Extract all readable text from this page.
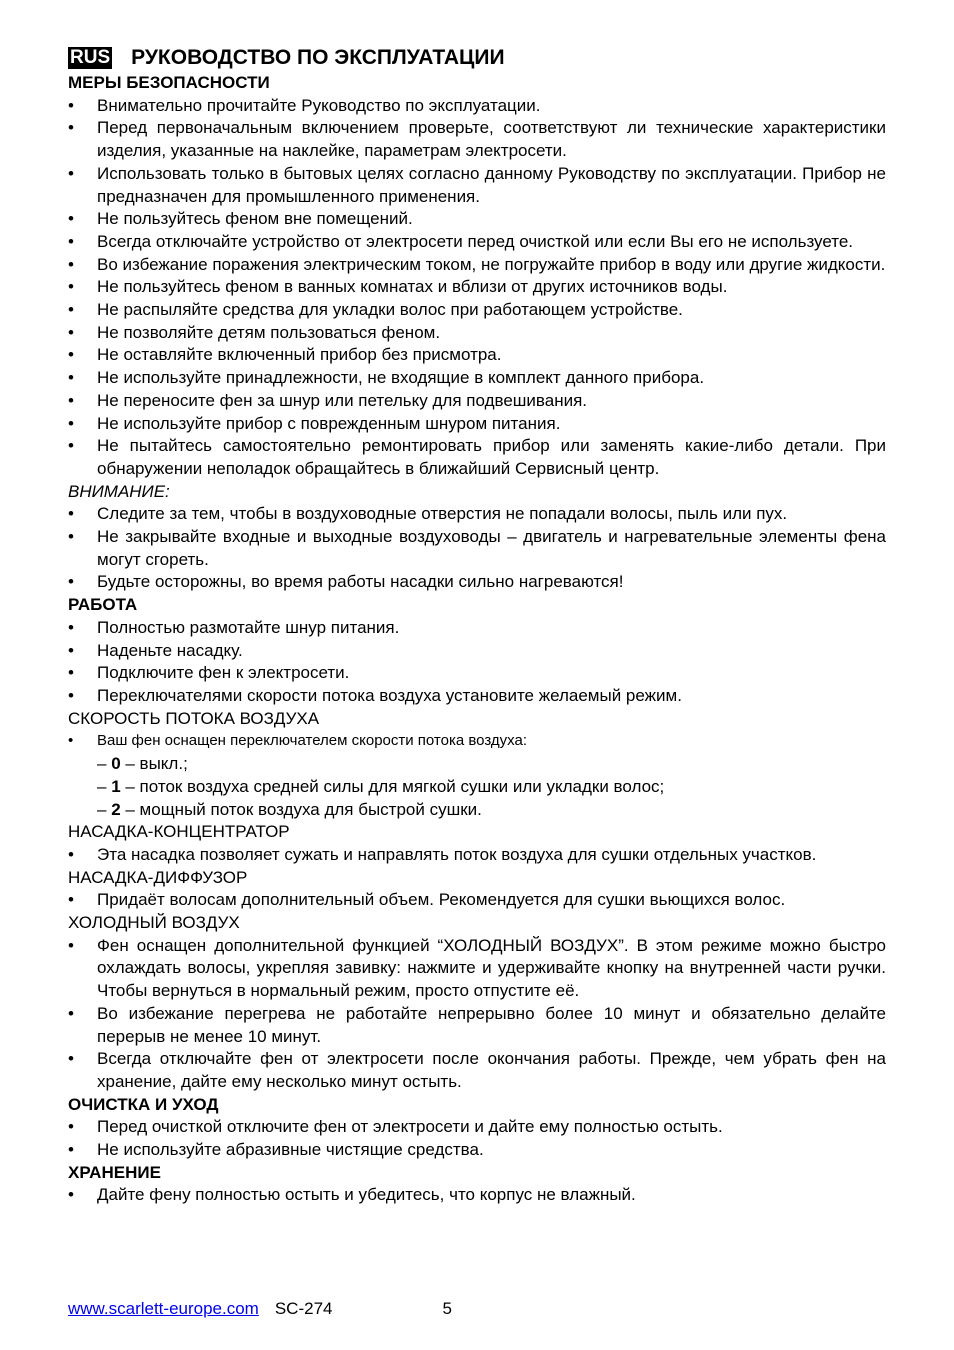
RUS РУКОВОДСТВО ПО ЭКСПЛУАТАЦИИ
МЕРЫ БЕЗОПАСНОСТИ
• Внимательно прочитайте Руководство по эксплуатации.
• Перед первоначальным включением проверьте, соответствуют ли технические характеристики изделия, указанные на наклейке, параметрам электросети.
• Использовать только в бытовых целях согласно данному Руководству по эксплуатации. Прибор не предназначен для промышленного применения.
• Не пользуйтесь феном вне помещений.
• Всегда отключайте устройство от электросети перед очисткой или если Вы его не используете.
• Во избежание поражения электрическим током, не погружайте прибор в воду или другие жидкости.
• Не пользуйтесь феном в ванных комнатах и вблизи от других источников воды.
• Не распыляйте средства для укладки волос при работающем устройстве.
• Не позволяйте детям пользоваться феном.
• Не оставляйте включенный прибор без присмотра.
• Не используйте принадлежности, не входящие в комплект данного прибора.
• Не переносите фен за шнур или петельку для подвешивания.
• Не используйте прибор с поврежденным шнуром питания.
• Не пытайтесь самостоятельно ремонтировать прибор или заменять какие-либо детали. При обнаружении неполадок обращайтесь в ближайший Сервисный центр.
ВНИМАНИЕ:
• Следите за тем, чтобы в воздуховодные отверстия не попадали волосы, пыль или пух.
• Не закрывайте входные и выходные воздуховоды – двигатель и нагревательные элементы фена могут сгореть.
• Будьте осторожны, во время работы насадки сильно нагреваются!
РАБОТА
• Полностью размотайте шнур питания.
• Наденьте насадку.
• Подключите фен к электросети.
• Переключателями скорости потока воздуха установите желаемый режим.
СКОРОСТЬ ПОТОКА ВОЗДУХА
•	Ваш фен оснащен переключателем скорости потока воздуха:
– 0 – выкл.;
– 1 – поток воздуха средней силы для мягкой сушки или укладки волос;
– 2 – мощный поток воздуха для быстрой сушки.
НАСАДКА-КОНЦЕНТРАТОР
• Эта насадка позволяет сужать и направлять поток воздуха для сушки отдельных участков.
НАСАДКА-ДИФФУЗОР
• Придаёт волосам дополнительный объем. Рекомендуется для сушки вьющихся волос.
ХОЛОДНЫЙ ВОЗДУХ
• Фен оснащен дополнительной функцией “ХОЛОДНЫЙ ВОЗДУХ”. В этом режиме можно быстро охлаждать волосы, укрепляя завивку: нажмите и удерживайте кнопку на внутренней части ручки. Чтобы вернуться в нормальный режим, просто отпустите её.
• Во избежание перегрева не работайте непрерывно более 10 минут и обязательно делайте перерыв не менее 10 минут.
• Всегда отключайте фен от электросети после окончания работы. Прежде, чем убрать фен на хранение, дайте ему несколько минут остыть.
ОЧИСТКА И УХОД
• Перед очисткой отключите фен от электросети и дайте ему полностью остыть.
• Не используйте абразивные чистящие средства.
ХРАНЕНИЕ
• Дайте фену полностью остыть и убедитесь, что корпус не влажный.
www.scarlett-europe.com SC-274	5
